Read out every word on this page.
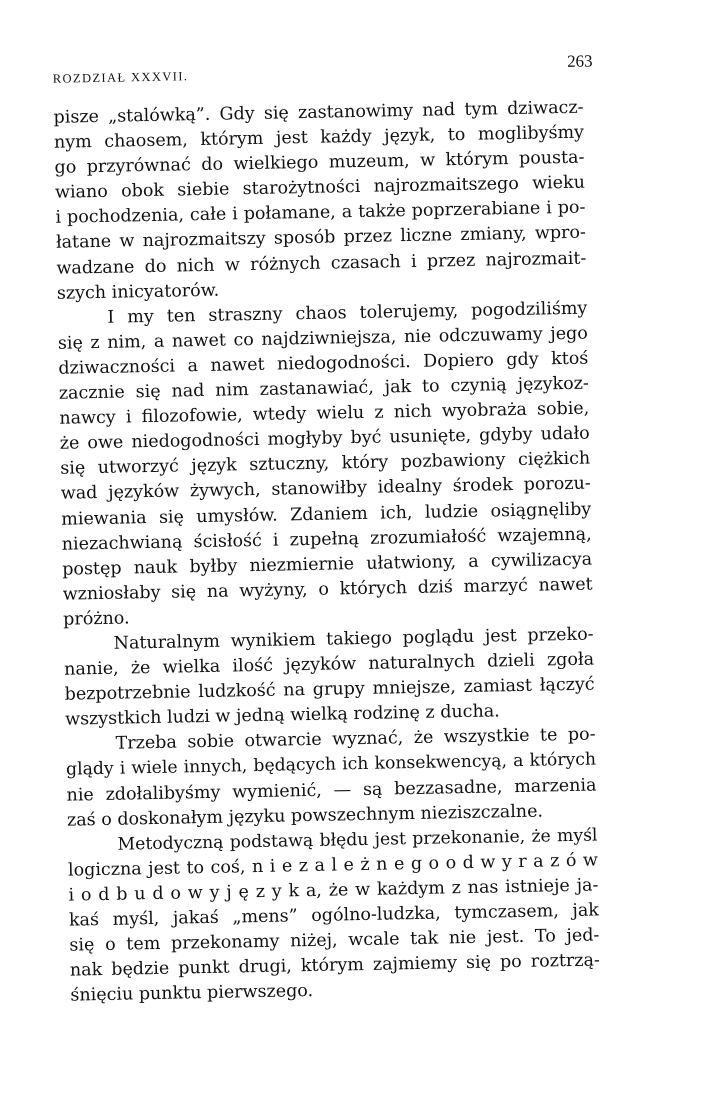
ROZDZIAŁ XXXVII.
263
pisze „stalówką”. Gdy się zastanowimy nad tym dziwacz‑
nym chaosem, którym jest każdy język, to moglibyśmy
go przyrównać do wielkiego muzeum, w którym pousta‑
wiano obok siebie starożytności najrozmaitszego wieku
i pochodzenia, całe i połamane, a także poprzerabiane i po‑
łatane w najrozmaitszy sposób przez liczne zmiany, wpro‑
wadzane do nich w różnych czasach i przez najrozmait‑
szych inicyatorów.
I my ten straszny chaos tolerujemy, pogodziliśmy
się z nim, a nawet co najdziwniejsza, nie odczuwamy jego
dziwaczności a nawet niedogodności. Dopiero gdy ktoś
zacznie się nad nim zastanawiać, jak to czynią językoz‑
nawcy i filozofowie, wtedy wielu z nich wyobraża sobie,
że owe niedogodności mogłyby być usunięte, gdyby udało
się utworzyć język sztuczny, który pozbawiony ciężkich
wad języków żywych, stanowiłby idealny środek porozu‑
miewania się umysłów. Zdaniem ich, ludzie osiągnęliby
niezachwianą ścisłość i zupełną zrozumiałość wzajemną,
postęp nauk byłby niezmiernie ułatwiony, a cywilizacya
wzniosłaby się na wyżyny, o których dziś marzyć nawet
próżno.
Naturalnym wynikiem takiego poglądu jest przeko‑
nanie, że wielka ilość języków naturalnych dzieli zgoła
bezpotrzebnie ludzkość na grupy mniejsze, zamiast łączyć
wszystkich ludzi w jedną wielką rodzinę z ducha.
Trzeba sobie otwarcie wyznać, że wszystkie te po‑
glądy i wiele innych, będących ich konsekwencyą, a których
nie zdołalibyśmy wymienić, — są bezzasadne, marzenia
zaś o doskonałym języku powszechnym nieziszczalne.
Metodyczną podstawą błędu jest przekonanie, że myśl
logiczna jest to coś, n i e z a l e ż n e g o o d w y r a z ó w
i o d b u d o w y j ę z y k a, że w każdym z nas istnieje ja‑
kaś myśl, jakaś „mens” ogólno‑ludzka, tymczasem, jak
się o tem przekonamy niżej, wcale tak nie jest. To jed‑
nak będzie punkt drugi, którym zajmiemy się po roztrzą‑
śnięciu punktu pierwszego.
